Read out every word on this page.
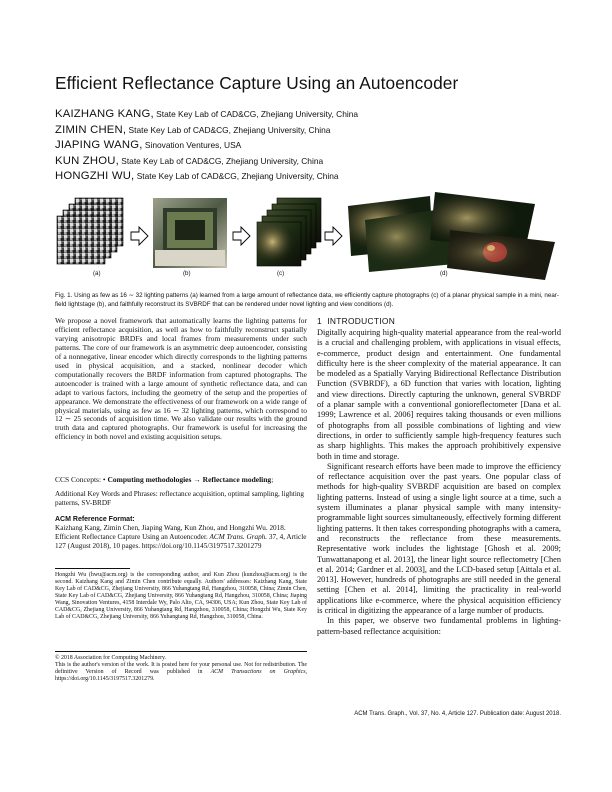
Efficient Reflectance Capture Using an Autoencoder
KAIZHANG KANG, State Key Lab of CAD&CG, Zhejiang University, China
ZIMIN CHEN, State Key Lab of CAD&CG, Zhejiang University, China
JIAPING WANG, Sinovation Ventures, USA
KUN ZHOU, State Key Lab of CAD&CG, Zhejiang University, China
HONGZHI WU, State Key Lab of CAD&CG, Zhejiang University, China
(a)	(b)	(c)	(d)
Fig. 1. Using as few as 16 ∼ 32 lighting patterns (a) learned from a large amount of reflectance data, we efficiently capture photographs (c) of a planar physical sample in a mini, near-field lightstage (b), and faithfully reconstruct its SVBRDF that can be rendered under novel lighting and view conditions (d).
We propose a novel framework that automatically learns the lighting patterns for efficient reflectance acquisition, as well as how to faithfully reconstruct spatially varying anisotropic BRDFs and local frames from measurements under such patterns. The core of our framework is an asymmetric deep autoencoder, consisting of a nonnegative, linear encoder which directly corresponds to the lighting patterns used in physical acquisition, and a stacked, nonlinear decoder which computationally recovers the BRDF information from captured photographs. The autoencoder is trained with a large amount of synthetic reflectance data, and can adapt to various factors, including the geometry of the setup and the properties of appearance. We demonstrate the effectiveness of our framework on a wide range of physical materials, using as few as 16 ∼ 32 lighting patterns, which correspond to 12 ∼ 25 seconds of acquisition time. We also validate our results with the ground truth data and captured photographs. Our framework is useful for increasing the efficiency in both novel and existing acquisition setups.
CCS Concepts: • Computing methodologies → Reflectance modeling;
Additional Key Words and Phrases: reflectance acquisition, optimal sampling, lighting patterns, SV-BRDF
ACM Reference Format:
Kaizhang Kang, Zimin Chen, Jiaping Wang, Kun Zhou, and Hongzhi Wu. 2018. Efficient Reflectance Capture Using an Autoencoder. ACM Trans. Graph. 37, 4, Article 127 (August 2018), 10 pages. https://doi.org/10.1145/3197517.3201279
Hongzhi Wu (hwu@acm.org) is the corresponding author, and Kun Zhou (kunzhou@acm.org) is the second. Kaizhang Kang and Zimin Chen contribute equally. Authors' addresses: Kaizhang Kang, State Key Lab of CAD&CG, Zhejiang University, 866 Yuhangtang Rd, Hangzhou, 310058, China; Zimin Chen, State Key Lab of CAD&CG, Zhejiang University, 866 Yuhangtang Rd, Hangzhou, 310058, China; Jiaping Wang, Sinovation Ventures, 4158 Interdale Wy, Palo Alto, CA, 94306, USA; Kun Zhou, State Key Lab of CAD&CG, Zhejiang University, 866 Yuhangtang Rd, Hangzhou, 310058, China; Hongzhi Wu, State Key Lab of CAD&CG, Zhejiang University, 866 Yuhangtang Rd, Hangzhou, 310058, China.
© 2018 Association for Computing Machinery.
This is the author's version of the work. It is posted here for your personal use. Not for redistribution. The definitive Version of Record was published in ACM Transactions on Graphics, https://doi.org/10.1145/3197517.3201279.
1 INTRODUCTION

Digitally acquiring high-quality material appearance from the real-world is a crucial and challenging problem, with applications in visual effects, e-commerce, product design and entertainment. One fundamental difficulty here is the sheer complexity of the material appearance. It can be modeled as a Spatially Varying Bidirectional Reflectance Distribution Function (SVBRDF), a 6D function that varies with location, lighting and view directions. Directly capturing the unknown, general SVBRDF of a planar sample with a conventional gonioreflectometer [Dana et al. 1999; Lawrence et al. 2006] requires taking thousands or even millions of photographs from all possible combinations of lighting and view directions, in order to sufficiently sample high-frequency features such as sharp highlights. This makes the approach prohibitively expensive both in time and storage.

Significant research efforts have been made to improve the efficiency of reflectance acquisition over the past years. One popular class of methods for high-quality SVBRDF acquisition are based on complex lighting patterns. Instead of using a single light source at a time, such a system illuminates a planar physical sample with many intensity-programmable light sources simultaneously, effectively forming different lighting patterns. It then takes corresponding photographs with a camera, and reconstructs the reflectance from these measurements. Representative work includes the lightstage [Ghosh et al. 2009; Tunwattanapong et al. 2013], the linear light source reflectometry [Chen et al. 2014; Gardner et al. 2003], and the LCD-based setup [Aittala et al. 2013]. However, hundreds of photographs are still needed in the general setting [Chen et al. 2014], limiting the practicality in real-world applications like e-commerce, where the physical acquisition efficiency is critical in digitizing the appearance of a large number of products.

In this paper, we observe two fundamental problems in lighting-pattern-based reflectance acquisition:

ACM Trans. Graph., Vol. 37, No. 4, Article 127. Publication date: August 2018.
